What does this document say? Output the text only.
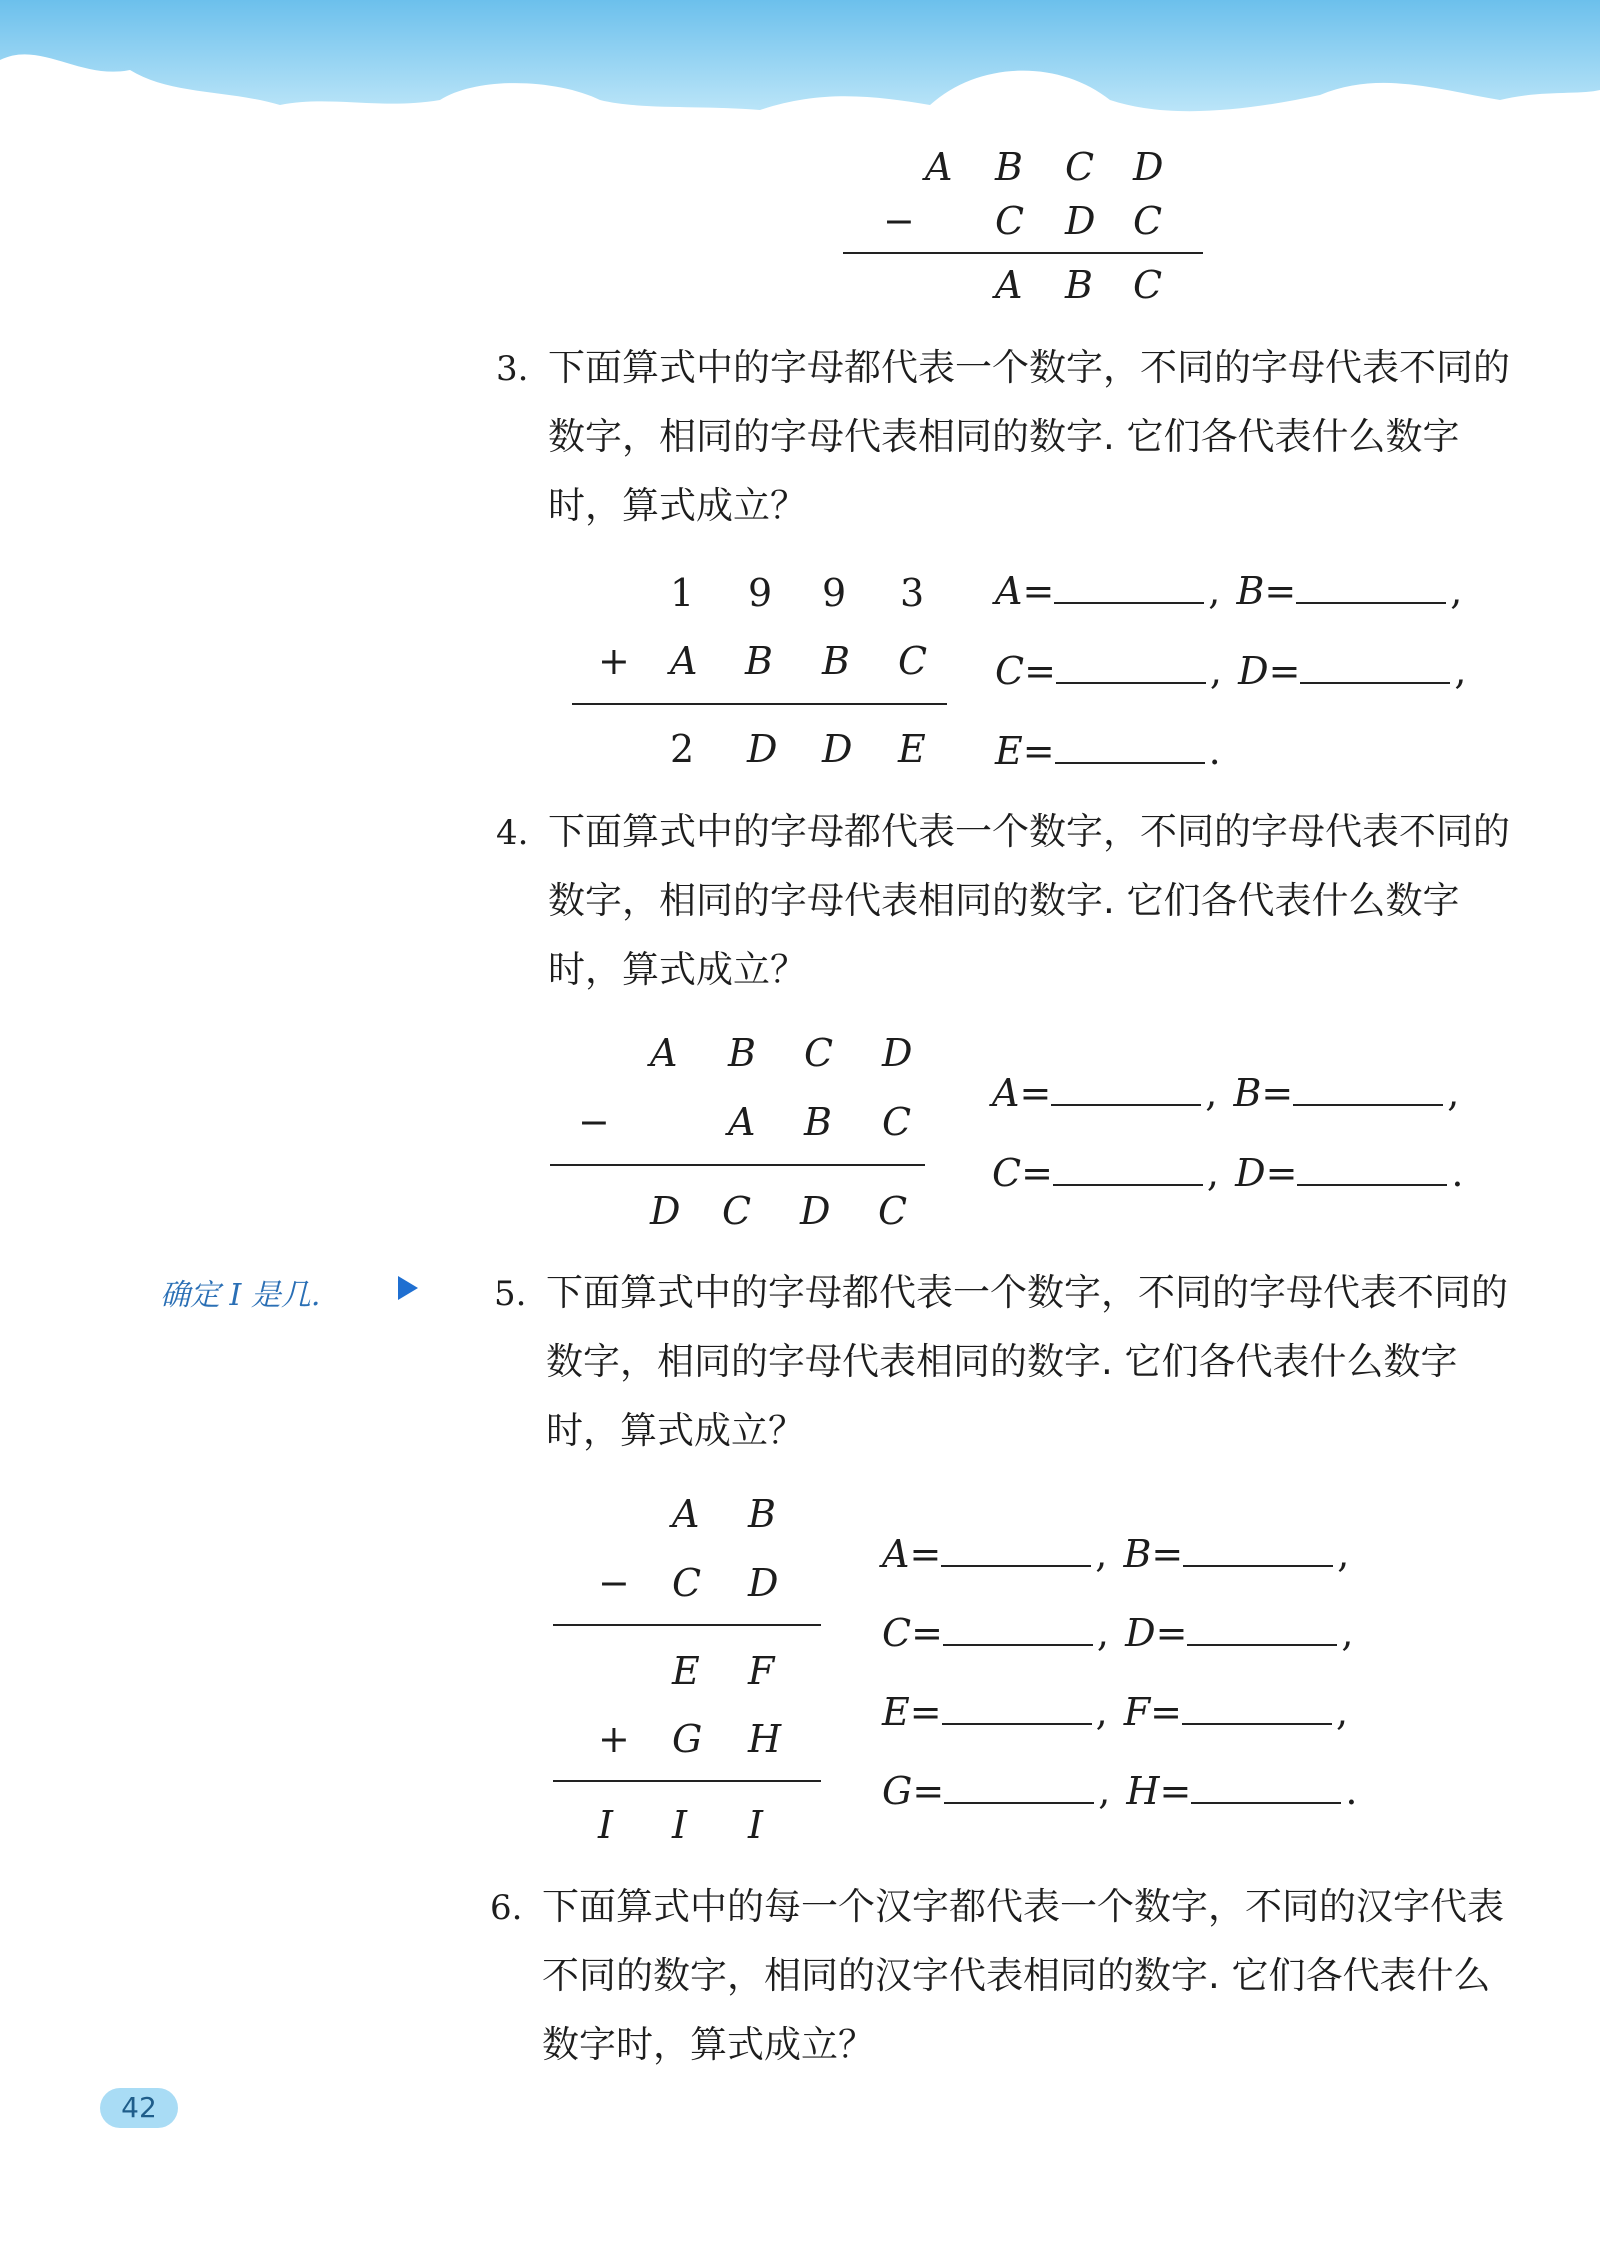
A B C D
− C D C
A B C
3. 下面算式中的字母都代表一个数字，不同的字母代表不同的数字，相同的字母代表相同的数字. 它们各代表什么数字时，算式成立？

1 9 9 3
+ A B B C
2 D D E
A=	, B=	,
C=	, D=	,
E=	.
4. 下面算式中的字母都代表一个数字，不同的字母代表不同的数字，相同的字母代表相同的数字. 它们各代表什么数字时，算式成立？

A B C D
−	A B C
D C D C
A=	, B=	,
C=	, D=	.
确定 I 是几.	5. 下面算式中的字母都代表一个数字，不同的字母代表不同的数字，相同的字母代表相同的数字. 它们各代表什么数字时，算式成立？

A B
− C D
E F
+ G H
I I I
A=	, B=	,
C=	, D=	,
E=	, F=	,
G=	, H=	.
6. 下面算式中的每一个汉字都代表一个数字，不同的汉字代表不同的数字，相同的汉字代表相同的数字. 它们各代表什么数字时，算式成立？

42
